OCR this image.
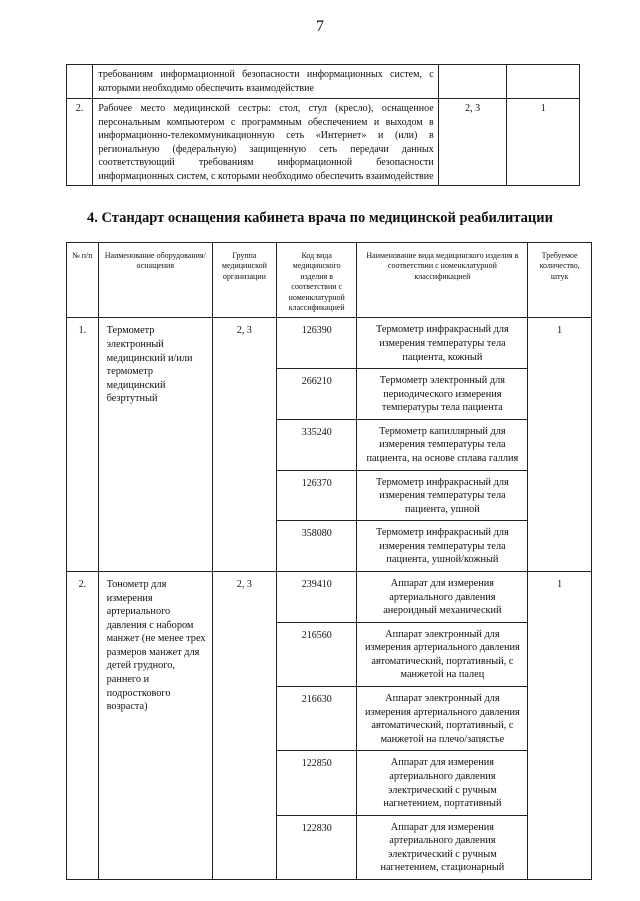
7
	требованиям информационной безопасности информационных систем, с которыми необходимо обеспечить взаимодействие		
2.	Рабочее место медицинской сестры: стол, стул (кресло), оснащенное персональным компьютером с программным обеспечением и выходом в информационно-телекоммуникационную сеть «Интернет» и (или) в региональную (федеральную) защищенную сеть передачи данных соответствующий требованиям информационной безопасности информационных систем, с которыми необходимо обеспечить взаимодействие	2, 3	1
4. Стандарт оснащения кабинета врача по медицинской реабилитации
№ п/п	Наименование оборудования/ оснащения	Группа медицинской организации	Код вида медицинского изделия в соответствии с номенклатурной классификацией	Наименование вида медицинского изделия в соответствии с номенклатурной классификацией	Требуемое количество, штук
1.	Термометр электронный медицинский и/или термометр медицинский безртутный	2, 3	126390	Термометр инфракрасный для измерения температуры тела пациента, кожный	1
			266210	Термометр электронный для периодического измерения температуры тела пациента	
			335240	Термометр капиллярный для измерения температуры тела пациента, на основе сплава галлия	
			126370	Термометр инфракрасный для измерения температуры тела пациента, ушной	
			358080	Термометр инфракрасный для измерения температуры тела пациента, ушной/кожный	
2.	Тонометр для измерения артериального давления с набором манжет (не менее трех размеров манжет для детей грудного, раннего и подросткового возраста)	2, 3	239410	Аппарат для измерения артериального давления анероидный механический	1
			216560	Аппарат электронный для измерения артериального давления автоматический, портативный, с манжетой на палец	
			216630	Аппарат электронный для измерения артериального давления автоматический, портативный, с манжетой на плечо/запястье	
			122850	Аппарат для измерения артериального давления электрический с ручным нагнетением, портативный	
			122830	Аппарат для измерения артериального давления электрический с ручным нагнетением, стационарный	
